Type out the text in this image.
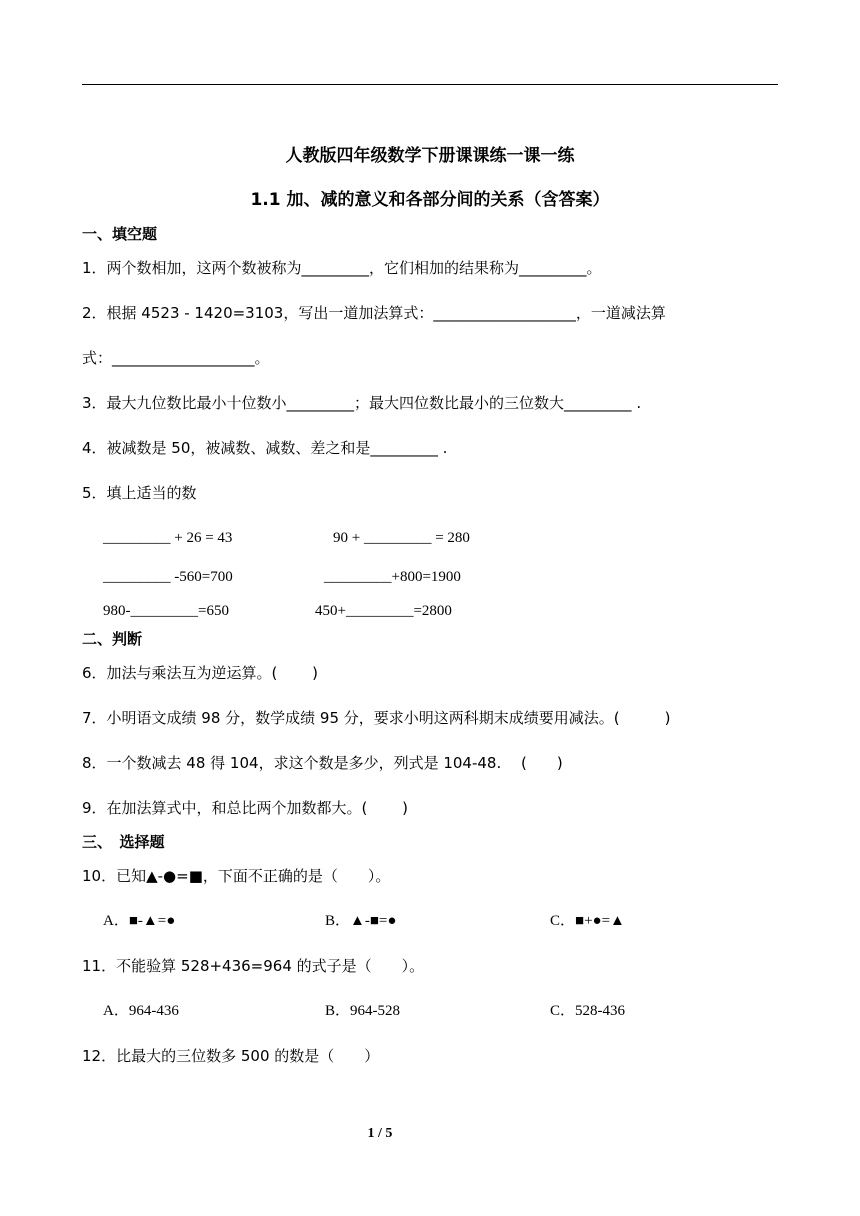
人教版四年级数学下册课课练一课一练
1.1 加、减的意义和各部分间的关系（含答案）
一、填空题
1．两个数相加，这两个数被称为_________，它们相加的结果称为_________。
2．根据 4523 - 1420=3103，写出一道加法算式：___________________，一道减法算
式：___________________。
3．最大九位数比最小十位数小_________；最大四位数比最小的三位数大_________ .
4．被减数是 50，被减数、减数、差之和是_________ .
5．填上适当的数
_________ + 26 = 43	90 + _________ = 280
_________ -560=700	_________+800=1900
980-_________=650	450+_________=2800
二、判断
6．加法与乘法互为逆运算。(　　 )
7．小明语文成绩 98 分，数学成绩 95 分，要求小明这两科期末成绩要用减法。(　　　)
8．一个数减去 48 得 104，求这个数是多少，列式是 104-48.　 (　　)
9．在加法算式中，和总比两个加数都大。(　　 )
三、　选择题
10．已知▲-●=■，下面不正确的是（　　）。
A．■-▲=●	B．▲-■=●	C．■+●=▲
11．不能验算 528+436=964 的式子是（　　）。
A．964-436	B．964-528	C．528-436
12．比最大的三位数多 500 的数是（　　）
1 / 5
